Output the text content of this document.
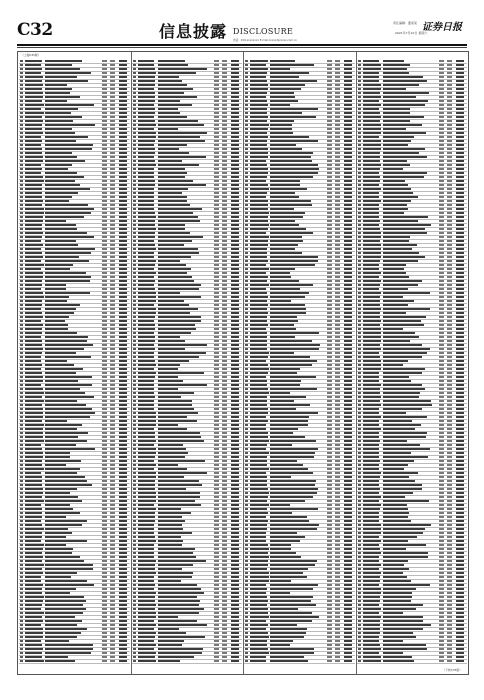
C32	信息披露 DISCLOSURE
责任编辑：董某某
电话：010-xxxxxxxx E-mail:xxxxx@xxxxx.com.cn
证券日报
2021年7月10日 星期六
（上接C31版）
（下转C33版）
